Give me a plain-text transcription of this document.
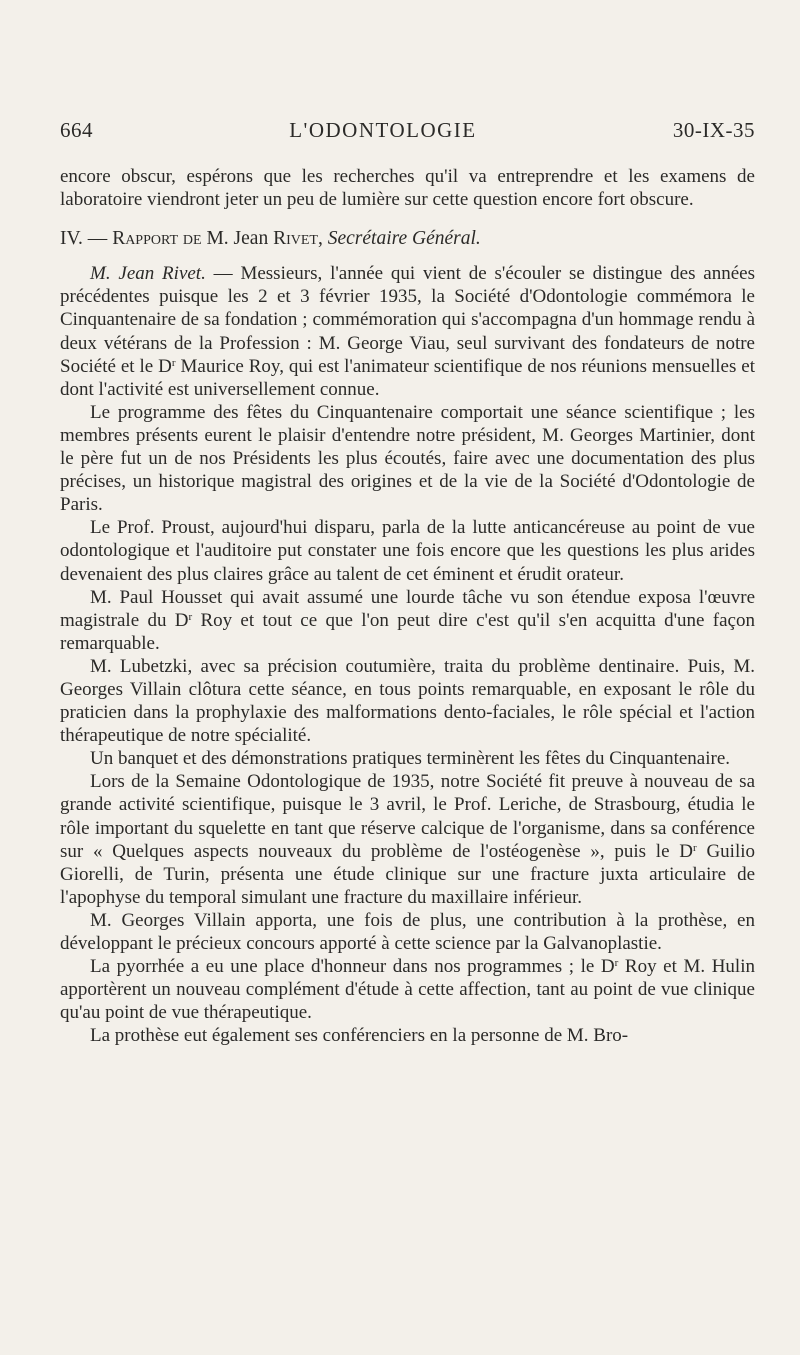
664	L'ODONTOLOGIE	30-IX-35

encore obscur, espérons que les recherches qu'il va entreprendre et les examens de laboratoire viendront jeter un peu de lumière sur cette question encore fort obscure.

IV. — Rapport de M. Jean Rivet, Secrétaire Général.

M. Jean Rivet. — Messieurs, l'année qui vient de s'écouler se distingue des années précédentes puisque les 2 et 3 février 1935, la Société d'Odontologie commémora le Cinquantenaire de sa fondation ; commémoration qui s'accompagna d'un hommage rendu à deux vétérans de la Profession : M. George Viau, seul survivant des fondateurs de notre Société et le $D^r$ Maurice Roy, qui est l'animateur scientifique de nos réunions mensuelles et dont l'activité est universellement connue.

Le programme des fêtes du Cinquantenaire comportait une séance scientifique ; les membres présents eurent le plaisir d'entendre notre président, M. Georges Martinier, dont le père fut un de nos Présidents les plus écoutés, faire avec une documentation des plus précises, un historique magistral des origines et de la vie de la Société d'Odontologie de Paris.

Le Prof. Proust, aujourd'hui disparu, parla de la lutte anticancéreuse au point de vue odontologique et l'auditoire put constater une fois encore que les questions les plus arides devenaient des plus claires grâce au talent de cet éminent et érudit orateur.

M. Paul Housset qui avait assumé une lourde tâche vu son étendue exposa l'œuvre magistrale du $D^r$ Roy et tout ce que l'on peut dire c'est qu'il s'en acquitta d'une façon remarquable.

M. Lubetzki, avec sa précision coutumière, traita du problème dentinaire. Puis, M. Georges Villain clôtura cette séance, en tous points remarquable, en exposant le rôle du praticien dans la prophylaxie des malformations dento-faciales, le rôle spécial et l'action thérapeutique de notre spécialité.

Un banquet et des démonstrations pratiques terminèrent les fêtes du Cinquantenaire.

Lors de la Semaine Odontologique de 1935, notre Société fit preuve à nouveau de sa grande activité scientifique, puisque le 3 avril, le Prof. Leriche, de Strasbourg, étudia le rôle important du squelette en tant que réserve calcique de l'organisme, dans sa conférence sur « Quelques aspects nouveaux du problème de l'ostéogenèse », puis le $D^r$ Guilio Giorelli, de Turin, présenta une étude clinique sur une fracture juxta articulaire de l'apophyse du temporal simulant une fracture du maxillaire inférieur.

M. Georges Villain apporta, une fois de plus, une contribution à la prothèse, en développant le précieux concours apporté à cette science par la Galvanoplastie.

La pyorrhée a eu une place d'honneur dans nos programmes ; le $D^r$ Roy et M. Hulin apportèrent un nouveau complément d'étude à cette affection, tant au point de vue clinique qu'au point de vue thérapeutique.

La prothèse eut également ses conférenciers en la personne de M. Bro-
